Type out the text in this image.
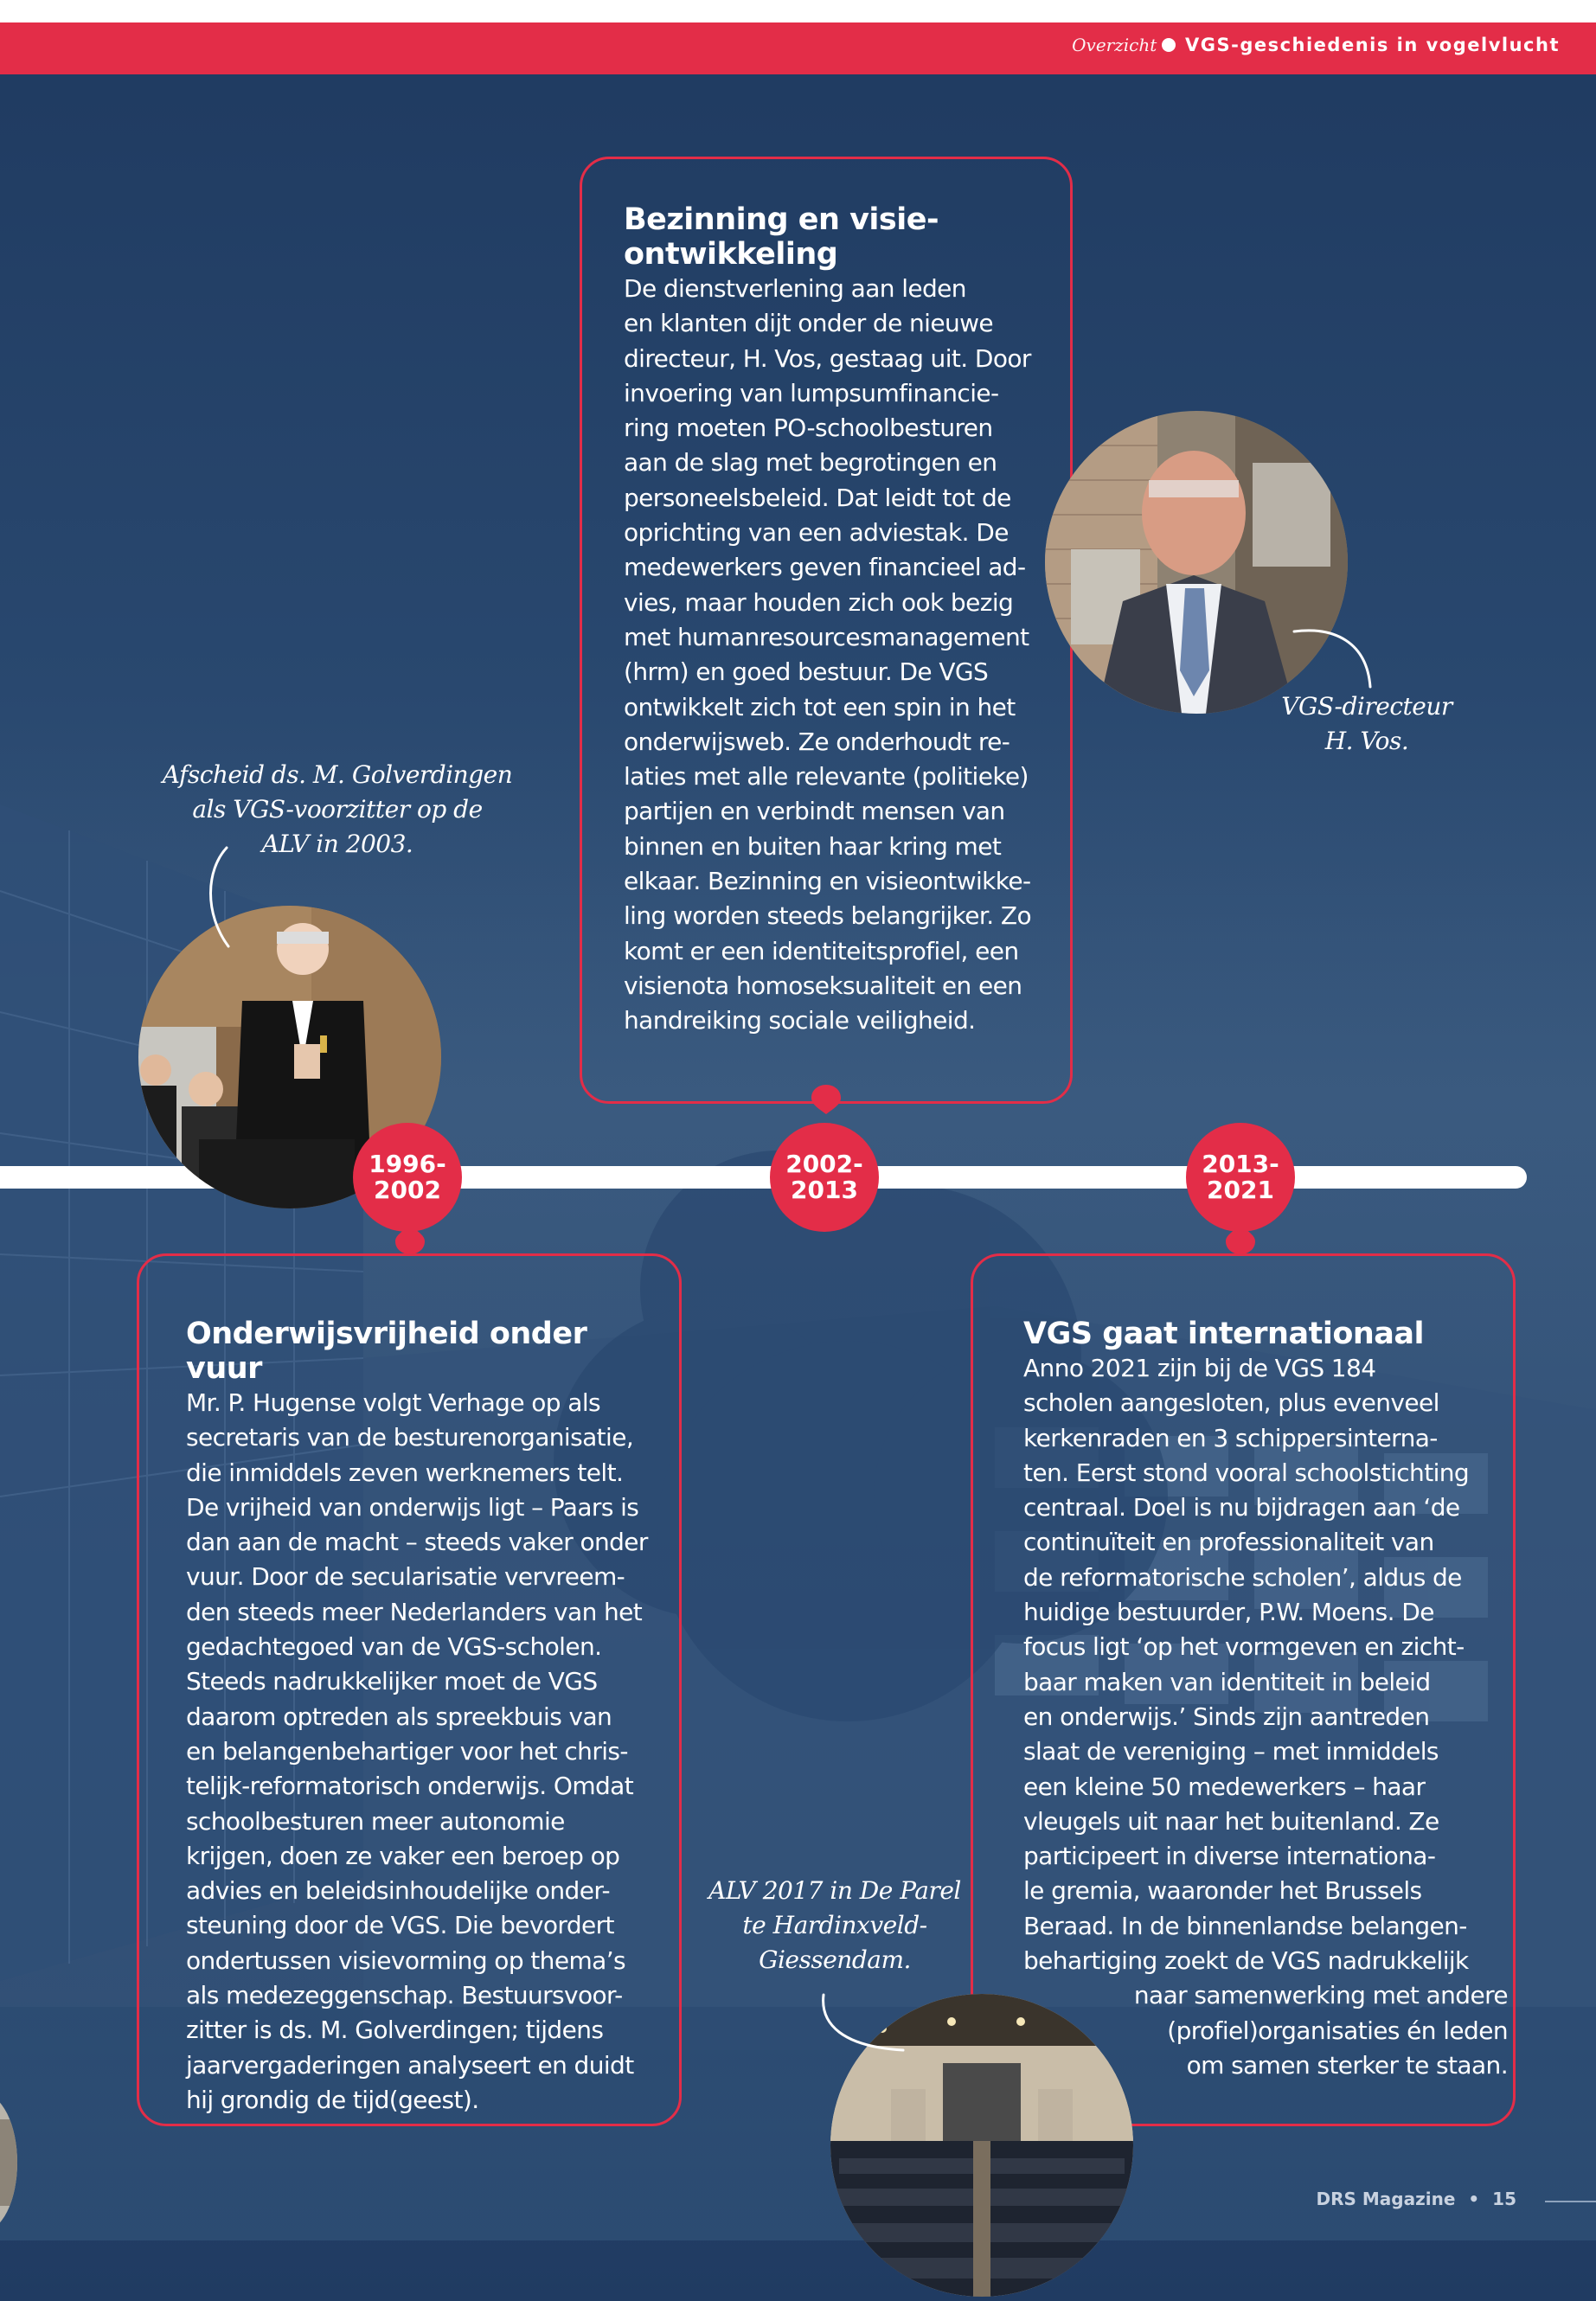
Overzicht VGS-geschiedenis in vogelvlucht
Bezinning en visie-
ontwikkeling

De dienstverlening aan leden
en klanten dijt onder de nieuwe
directeur, H. Vos, gestaag uit. Door
invoering van lumpsumfinancie-
ring moeten PO-schoolbesturen
aan de slag met begrotingen en
personeelsbeleid. Dat leidt tot de
oprichting van een adviestak. De
medewerkers geven financieel ad-
vies, maar houden zich ook bezig
met humanresourcesmanagement
(hrm) en goed bestuur. De VGS
ontwikkelt zich tot een spin in het
onderwijsweb. Ze onderhoudt re-
laties met alle relevante (politieke)
partijen en verbindt mensen van
binnen en buiten haar kring met
elkaar. Bezinning en visieontwikke-
ling worden steeds belangrijker. Zo
komt er een identiteitsprofiel, een
visienota homoseksualiteit en een
handreiking sociale veiligheid.

Onderwijsvrijheid onder vuur

Mr. P. Hugense volgt Verhage op als
secretaris van de besturenorganisatie,
die inmiddels zeven werknemers telt.
De vrijheid van onderwijs ligt – Paars is
dan aan de macht – steeds vaker onder
vuur. Door de secularisatie vervreem-
den steeds meer Nederlanders van het
gedachtegoed van de VGS-scholen.
Steeds nadrukkelijker moet de VGS
daarom optreden als spreekbuis van
en belangenbehartiger voor het chris-
telijk-reformatorisch onderwijs. Omdat
schoolbesturen meer autonomie
krijgen, doen ze vaker een beroep op
advies en beleidsinhoudelijke onder-
steuning door de VGS. Die bevordert
ondertussen visievorming op thema’s
als medezeggenschap. Bestuursvoor-
zitter is ds. M. Golverdingen; tijdens
jaarvergaderingen analyseert en duidt
hij grondig de tijd(geest).

VGS gaat internationaal

Anno 2021 zijn bij de VGS 184
scholen aangesloten, plus evenveel
kerkenraden en 3 schippersinterna-
ten. Eerst stond vooral schoolstichting
centraal. Doel is nu bijdragen aan ‘de
continuïteit en professionaliteit van
de reformatorische scholen’, aldus de
huidige bestuurder, P.W. Moens. De
focus ligt ‘op het vormgeven en zicht-
baar maken van identiteit in beleid
en onderwijs.’ Sinds zijn aantreden
slaat de vereniging – met inmiddels
een kleine 50 medewerkers – haar
vleugels uit naar het buitenland. Ze
participeert in diverse internationa-
le gremia, waaronder het Brussels
Beraad. In de binnenlandse belangen-
behartiging zoekt de VGS nadrukkelijk
naar samenwerking met andere
(profiel)organisaties én leden
om samen sterker te staan.

Afscheid ds. M. Golverdingen
als VGS-voorzitter op de
ALV in 2003.
VGS-directeur
H. Vos.
ALV 2017 in De Parel
te Hardinxveld-
Giessendam.
1996-
2002
2002-
2013
2013-
2021
DRS Magazine • 15
